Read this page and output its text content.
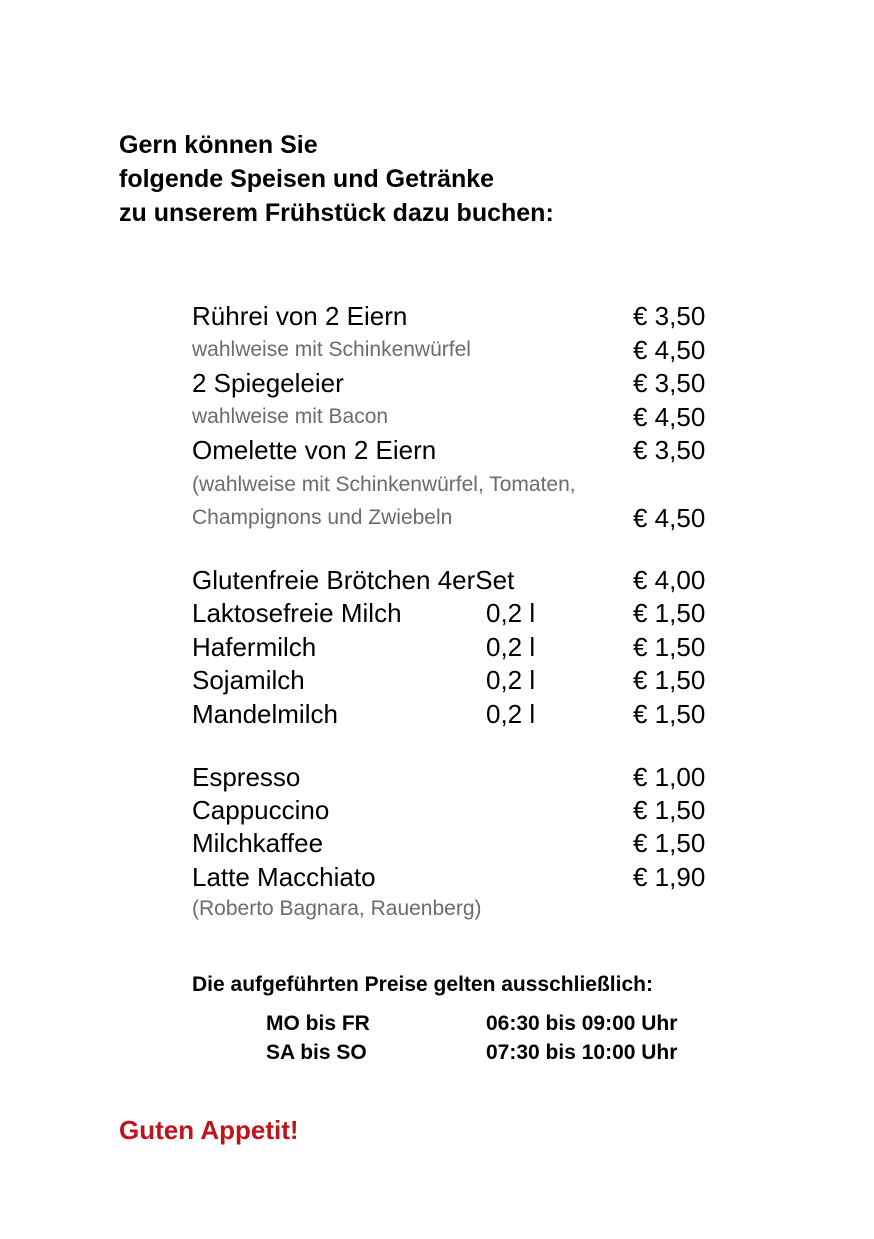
Gern können Sie
folgende Speisen und Getränke
zu unserem Frühstück dazu buchen:
Rührei von 2 Eiern	€ 3,50
wahlweise mit Schinkenwürfel	€ 4,50
2 Spiegeleier	€ 3,50
wahlweise mit Bacon	€ 4,50
Omelette von 2 Eiern	€ 3,50
(wahlweise mit Schinkenwürfel, Tomaten,
Champignons und Zwiebeln	€ 4,50
Glutenfreie Brötchen 4erSet	€ 4,00
Laktosefreie Milch	0,2 l	€ 1,50
Hafermilch	0,2 l	€ 1,50
Sojamilch	0,2 l	€ 1,50
Mandelmilch	0,2 l	€ 1,50
Espresso	€ 1,00
Cappuccino	€ 1,50
Milchkaffee	€ 1,50
Latte Macchiato	€ 1,90
(Roberto Bagnara, Rauenberg)
Die aufgeführten Preise gelten ausschließlich:
MO bis FR	06:30 bis 09:00 Uhr
SA bis SO	07:30 bis 10:00 Uhr
Guten Appetit!
